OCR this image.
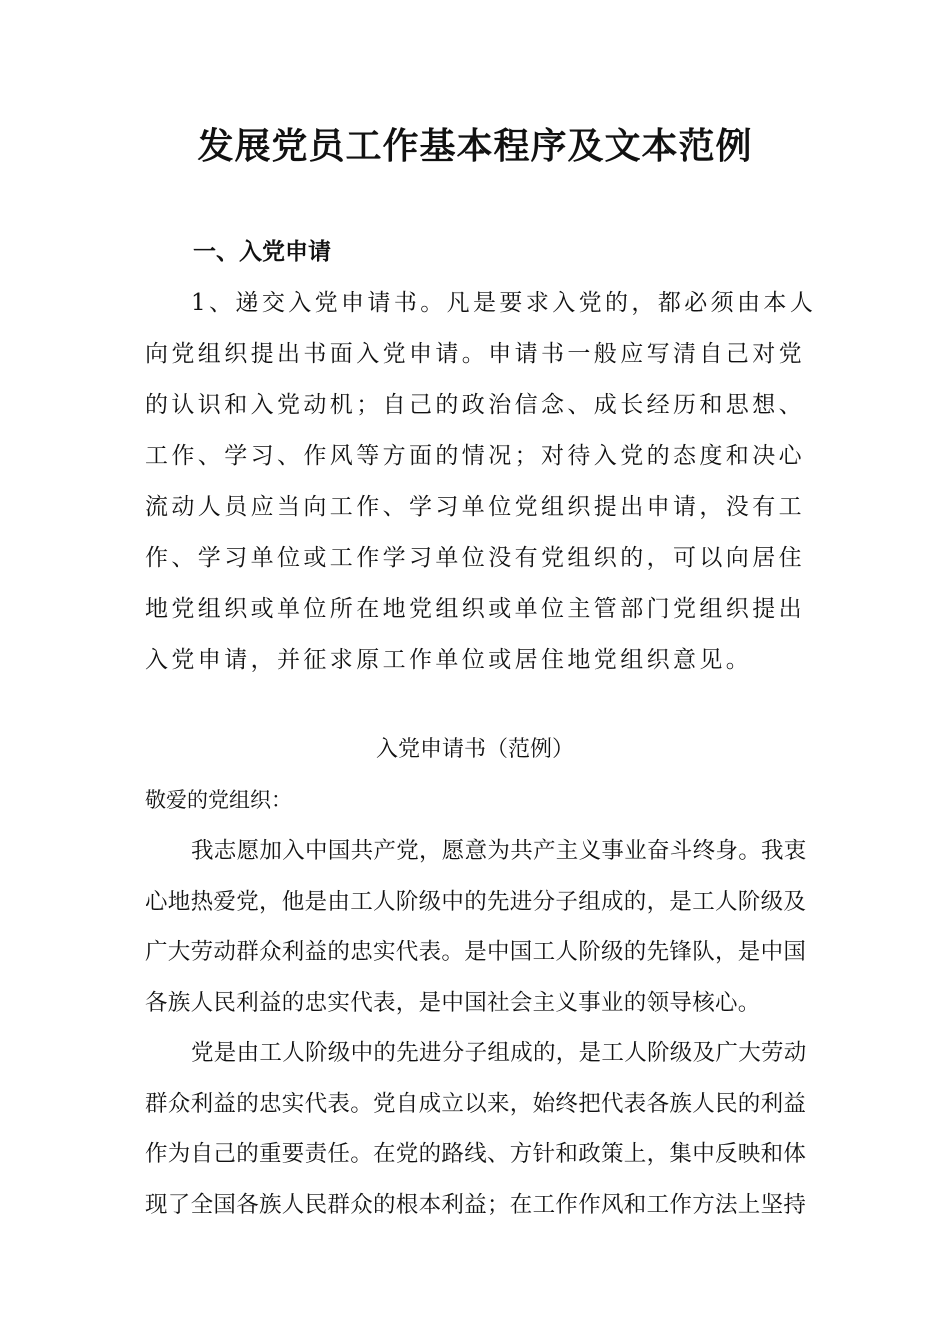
发展党员工作基本程序及文本范例
一、入党申请
1、递交入党申请书。凡是要求入党的，都必须由本人
向党组织提出书面入党申请。申请书一般应写清自己对党
的认识和入党动机；自己的政治信念、成长经历和思想、
工作、学习、作风等方面的情况；对待入党的态度和决心
流动人员应当向工作、学习单位党组织提出申请，没有工
作、学习单位或工作学习单位没有党组织的，可以向居住
地党组织或单位所在地党组织或单位主管部门党组织提出
入党申请，并征求原工作单位或居住地党组织意见。
入党申请书（范例）

敬爱的党组织：

我志愿加入中国共产党，愿意为共产主义事业奋斗终身。我衷
心地热爱党，他是由工人阶级中的先进分子组成的，是工人阶级及
广大劳动群众利益的忠实代表。是中国工人阶级的先锋队，是中国
各族人民利益的忠实代表，是中国社会主义事业的领导核心。
党是由工人阶级中的先进分子组成的，是工人阶级及广大劳动
群众利益的忠实代表。党自成立以来，始终把代表各族人民的利益
作为自己的重要责任。在党的路线、方针和政策上，集中反映和体
现了全国各族人民群众的根本利益；在工作作风和工作方法上坚持
